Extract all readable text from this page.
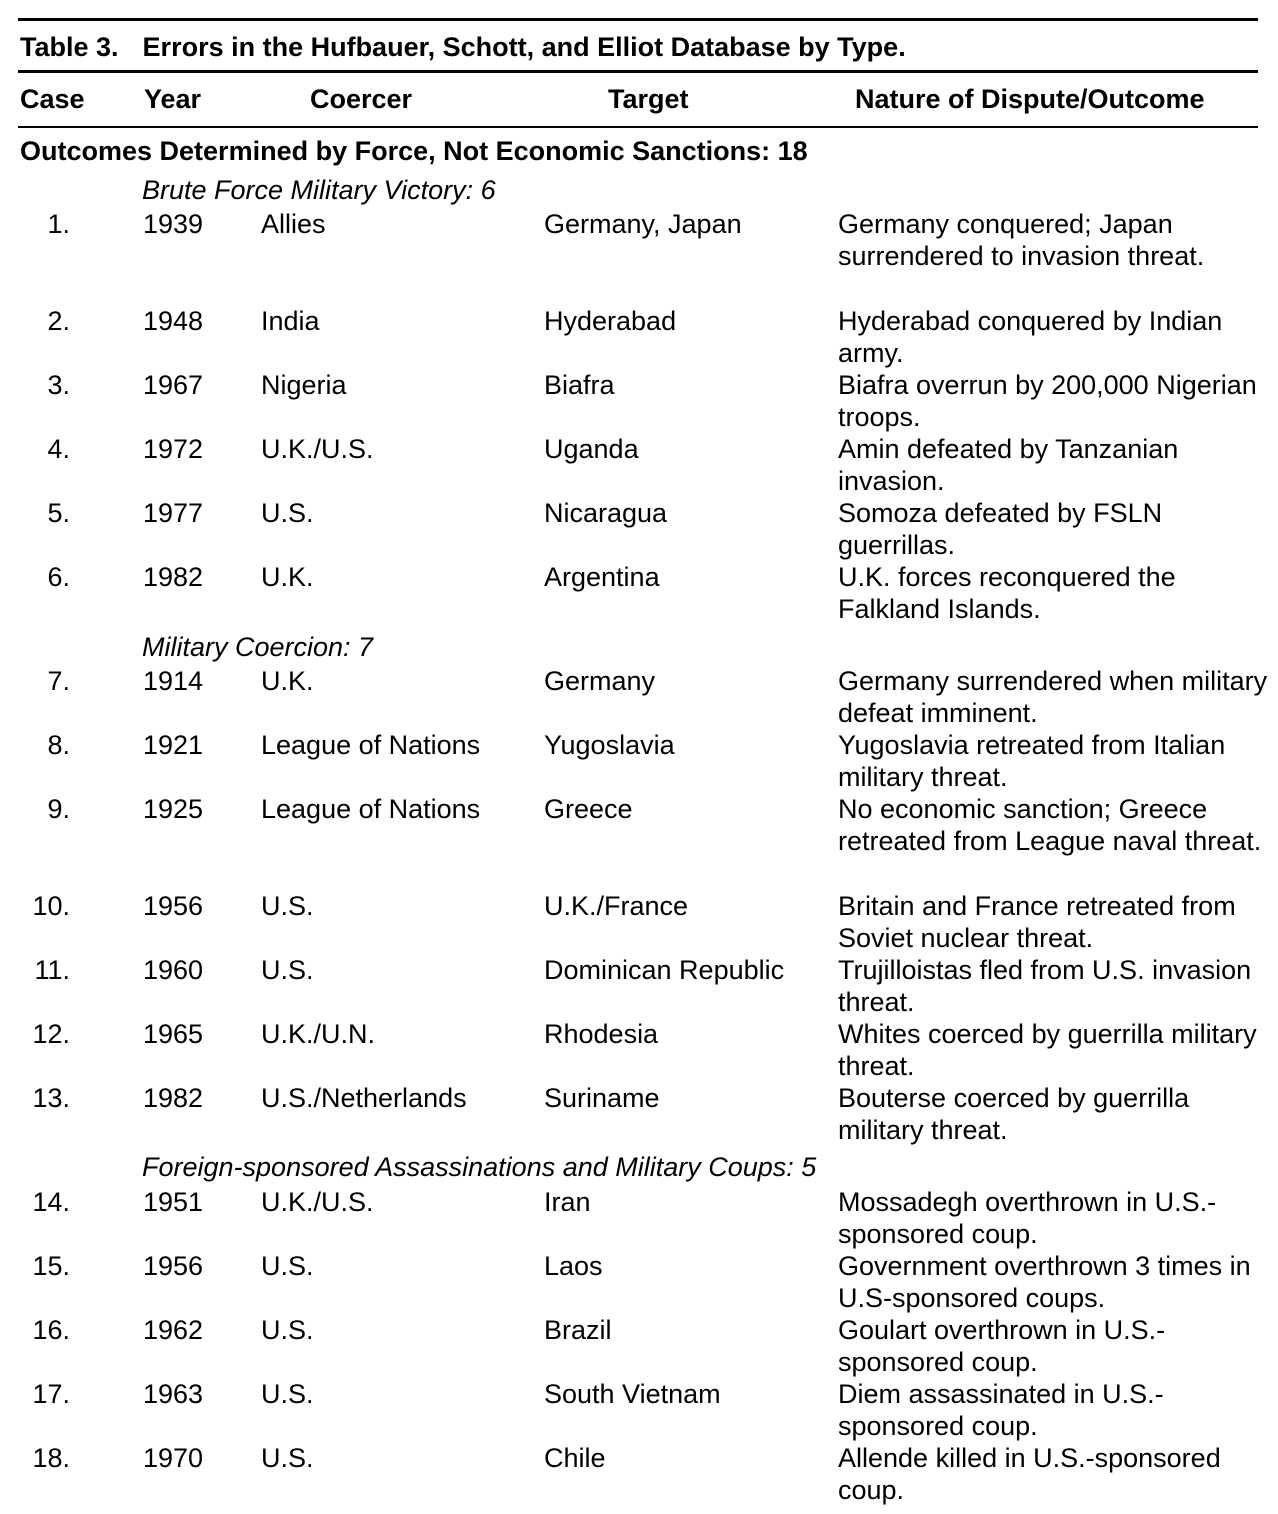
Table 3. Errors in the Hufbauer, Schott, and Elliot Database by Type.
Case Year	Coercer	Target	Nature of Dispute/Outcome
Outcomes Determined by Force, Not Economic Sanctions: 18
Brute Force Military Victory: 6
Military Coercion: 7
Foreign-sponsored Assassinations and Military Coups: 5
1.	1939 Allies	Germany, Japan	Germany conquered; Japan surrendered to invasion threat.
2.	1948 India	Hyderabad	Hyderabad conquered by Indian army.
3.	1967 Nigeria	Biafra	Biafra overrun by 200,000 Nigerian troops.
4.	1972 U.K./U.S.	Uganda	Amin defeated by Tanzanian invasion.
5.	1977 U.S.	Nicaragua	Somoza defeated by FSLN guerrillas.
6.	1982 U.K.	Argentina	U.K. forces reconquered the Falkland Islands.
7.	1914 U.K.	Germany	Germany surrendered when military defeat imminent.
8.	1921 League of Nations	Yugoslavia	Yugoslavia retreated from Italian military threat.
9.	1925 League of Nations	Greece	No economic sanction; Greece retreated from League naval threat.
10.	1956 U.S.	U.K./France	Britain and France retreated from Soviet nuclear threat.
11.	1960 U.S.	Dominican Republic	Trujilloistas fled from U.S. invasion threat.
12.	1965 U.K./U.N.	Rhodesia	Whites coerced by guerrilla military threat.
13.	1982 U.S./Netherlands	Suriname	Bouterse coerced by guerrilla military threat.
14.	1951 U.K./U.S.	Iran	Mossadegh overthrown in U.S.-sponsored coup.
15.	1956 U.S.	Laos	Government overthrown 3 times in U.S-sponsored coups.
16.	1962 U.S.	Brazil	Goulart overthrown in U.S.-sponsored coup.
17.	1963 U.S.	South Vietnam	Diem assassinated in U.S.-sponsored coup.
18.	1970 U.S.	Chile	Allende killed in U.S.-sponsored coup.
